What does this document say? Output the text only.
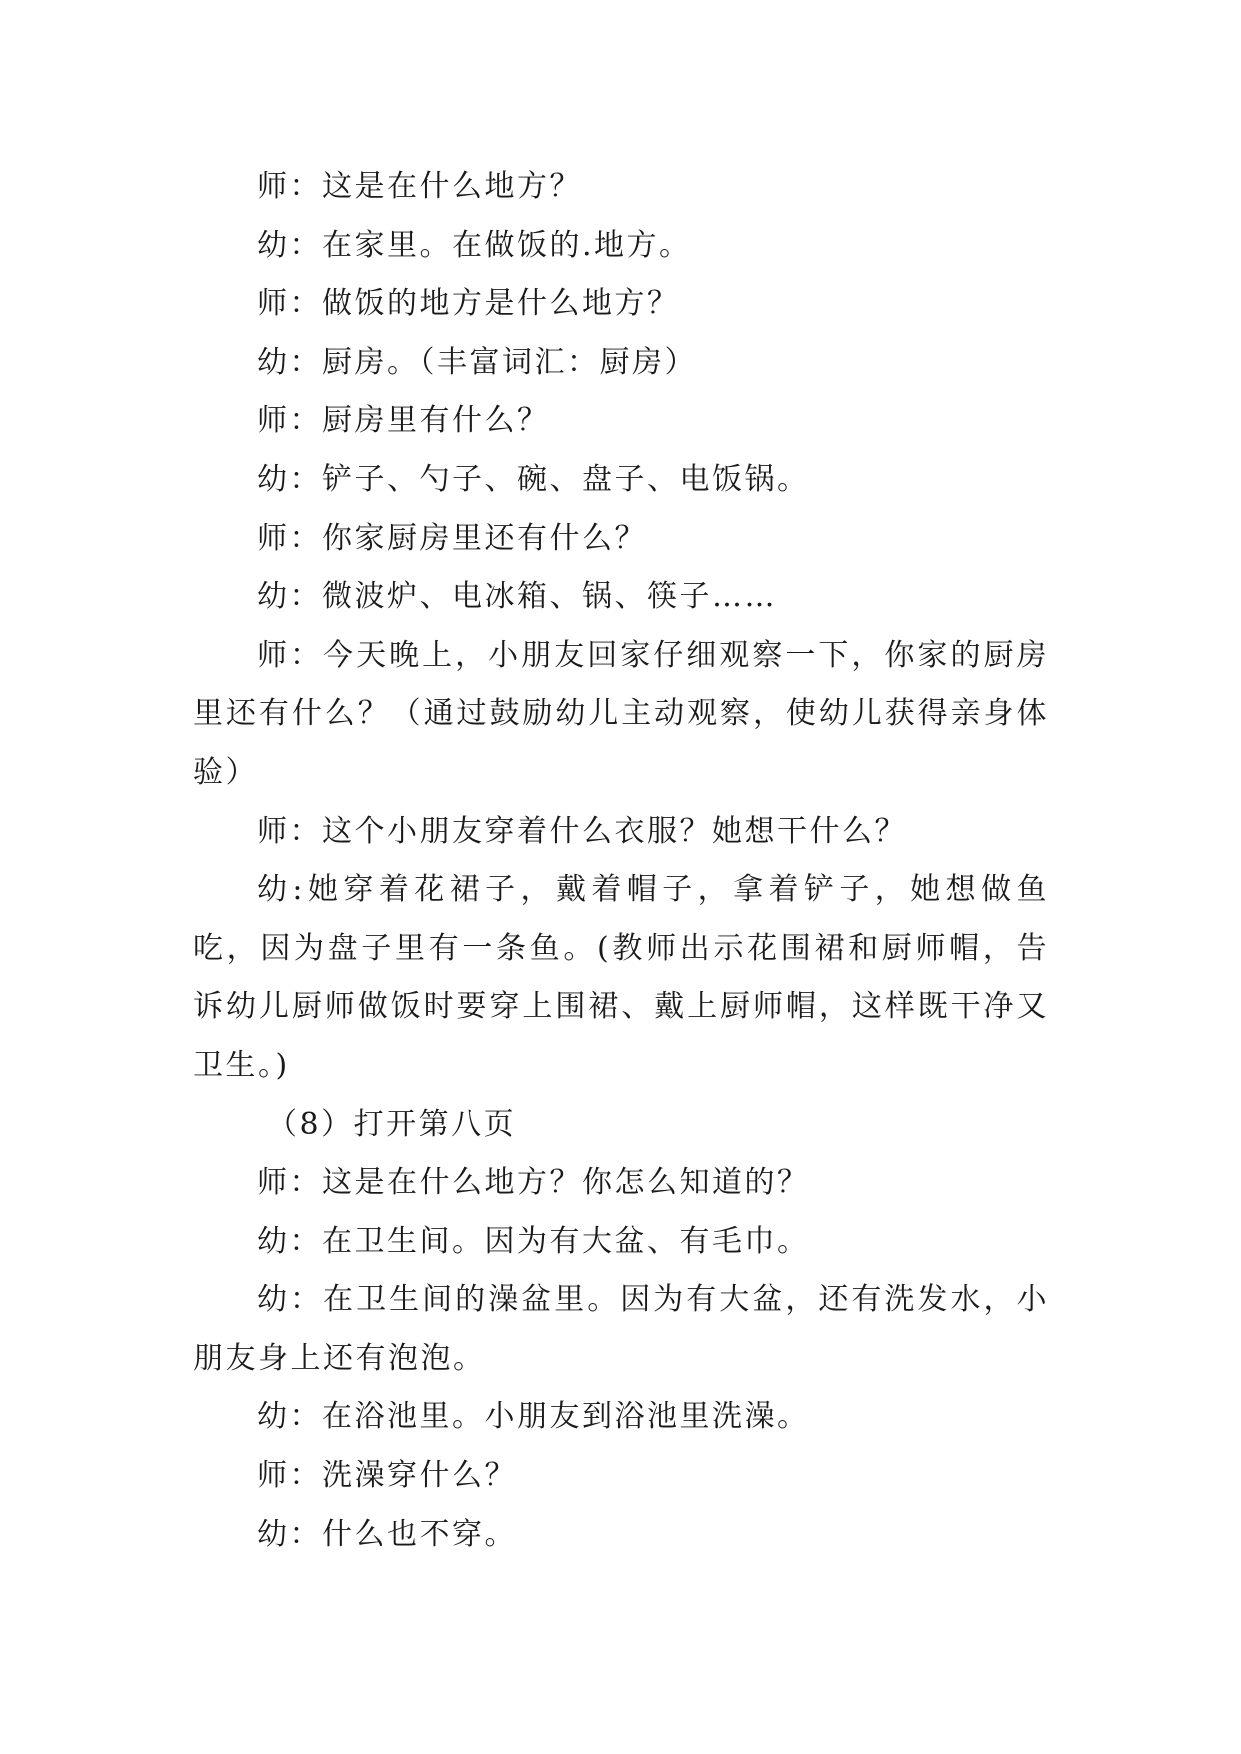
师：这是在什么地方？

幼：在家里。在做饭的.地方。

师：做饭的地方是什么地方？

幼：厨房。（丰富词汇：厨房）

师：厨房里有什么？

幼：铲子、勺子、碗、盘子、电饭锅。

师：你家厨房里还有什么？

幼：微波炉、电冰箱、锅、筷子……

师：今天晚上，小朋友回家仔细观察一下，你家的厨房里还有什么？（通过鼓励幼儿主动观察，使幼儿获得亲身体验）

师：这个小朋友穿着什么衣服？她想干什么？

幼:她穿着花裙子，戴着帽子，拿着铲子，她想做鱼吃，因为盘子里有一条鱼。(教师出示花围裙和厨师帽，告诉幼儿厨师做饭时要穿上围裙、戴上厨师帽，这样既干净又卫生。)

（8）打开第八页

师：这是在什么地方？你怎么知道的？

幼：在卫生间。因为有大盆、有毛巾。

幼：在卫生间的澡盆里。因为有大盆，还有洗发水，小朋友身上还有泡泡。

幼：在浴池里。小朋友到浴池里洗澡。

师：洗澡穿什么？

幼：什么也不穿。
